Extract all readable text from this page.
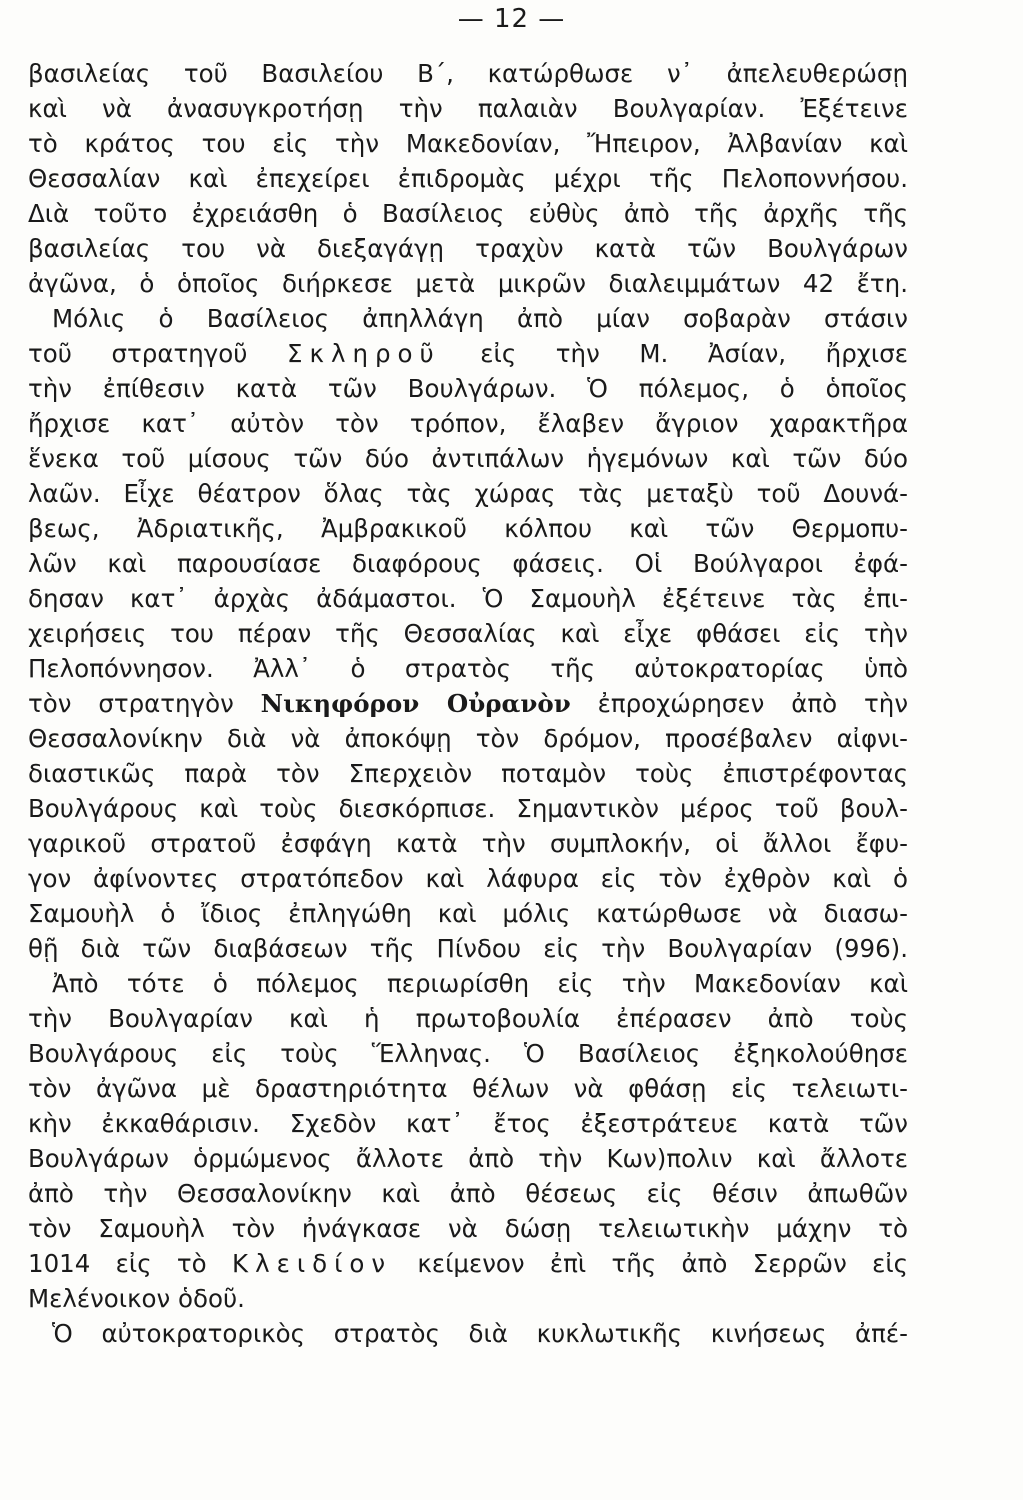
— 12 —
βασιλείας τοῦ Βασιλείου Β΄, κατώρθωσε ν᾿ ἀπελευθερώσῃ
καὶ νὰ ἀνασυγκροτήσῃ τὴν παλαιὰν Βουλγαρίαν. Ἐξέτεινε
τὸ κράτος του εἰς τὴν Μακεδονίαν, Ἤπειρον, Ἀλβανίαν καὶ
Θεσσαλίαν καὶ ἐπεχείρει ἐπιδρομὰς μέχρι τῆς Πελοποννήσου.
Διὰ τοῦτο ἐχρειάσθη ὁ Βασίλειος εὐθὺς ἀπὸ τῆς ἀρχῆς τῆς
βασιλείας του νὰ διεξαγάγῃ τραχὺν κατὰ τῶν Βουλγάρων
ἀγῶνα, ὁ ὁποῖος διήρκεσε μετὰ μικρῶν διαλειμμάτων 42 ἔτη.
Μόλις ὁ Βασίλειος ἀπηλλάγη ἀπὸ μίαν σοβαρὰν στάσιν
τοῦ στρατηγοῦ Σκληροῦ εἰς τὴν Μ. Ἀσίαν, ἤρχισε
τὴν ἐπίθεσιν κατὰ τῶν Βουλγάρων. Ὁ πόλεμος, ὁ ὁποῖος
ἤρχισε κατ᾿ αὐτὸν τὸν τρόπον, ἔλαβεν ἄγριον χαρακτῆρα
ἕνεκα τοῦ μίσους τῶν δύο ἀντιπάλων ἡγεμόνων καὶ τῶν δύο
λαῶν. Εἶχε θέατρον ὅλας τὰς χώρας τὰς μεταξὺ τοῦ Δουνά-
βεως, Ἀδριατικῆς, Ἀμβρακικοῦ κόλπου καὶ τῶν Θερμοπυ-
λῶν καὶ παρουσίασε διαφόρους φάσεις. Οἱ Βούλγαροι ἐφά-
δησαν κατ᾿ ἀρχὰς ἀδάμαστοι. Ὁ Σαμουὴλ ἐξέτεινε τὰς ἐπι-
χειρήσεις του πέραν τῆς Θεσσαλίας καὶ εἶχε φθάσει εἰς τὴν
Πελοπόννησον. Ἀλλ᾿ ὁ στρατὸς τῆς αὐτοκρατορίας ὑπὸ
τὸν στρατηγὸν Νικηφόρον Οὐρανὸν ἐπροχώρησεν ἀπὸ τὴν
Θεσσαλονίκην διὰ νὰ ἀποκόψῃ τὸν δρόμον, προσέβαλεν αἰφνι-
διαστικῶς παρὰ τὸν Σπερχειὸν ποταμὸν τοὺς ἐπιστρέφοντας
Βουλγάρους καὶ τοὺς διεσκόρπισε. Σημαντικὸν μέρος τοῦ βουλ-
γαρικοῦ στρατοῦ ἐσφάγη κατὰ τὴν συμπλοκήν, οἱ ἄλλοι ἔφυ-
γον ἀφίνοντες στρατόπεδον καὶ λάφυρα εἰς τὸν ἐχθρὸν καὶ ὁ
Σαμουὴλ ὁ ἴδιος ἐπληγώθη καὶ μόλις κατώρθωσε νὰ διασω-
θῇ διὰ τῶν διαβάσεων τῆς Πίνδου εἰς τὴν Βουλγαρίαν (996).
Ἀπὸ τότε ὁ πόλεμος περιωρίσθη εἰς τὴν Μακεδονίαν καὶ
τὴν Βουλγαρίαν καὶ ἡ πρωτοβουλία ἐπέρασεν ἀπὸ τοὺς
Βουλγάρους εἰς τοὺς Ἕλληνας. Ὁ Βασίλειος ἐξηκολούθησε
τὸν ἀγῶνα μὲ δραστηριότητα θέλων νὰ φθάσῃ εἰς τελειωτι-
κὴν ἐκκαθάρισιν. Σχεδὸν κατ᾿ ἔτος ἐξεστράτευε κατὰ τῶν
Βουλγάρων ὁρμώμενος ἄλλοτε ἀπὸ τὴν Κων)πολιν καὶ ἄλλοτε
ἀπὸ τὴν Θεσσαλονίκην καὶ ἀπὸ θέσεως εἰς θέσιν ἀπωθῶν
τὸν Σαμουὴλ τὸν ἠνάγκασε νὰ δώσῃ τελειωτικὴν μάχην τὸ
1014 εἰς τὸ Κλειδίον κείμενον ἐπὶ τῆς ἀπὸ Σερρῶν εἰς
Μελένοικον ὁδοῦ.
Ὁ αὐτοκρατορικὸς στρατὸς διὰ κυκλωτικῆς κινήσεως ἀπέ-
